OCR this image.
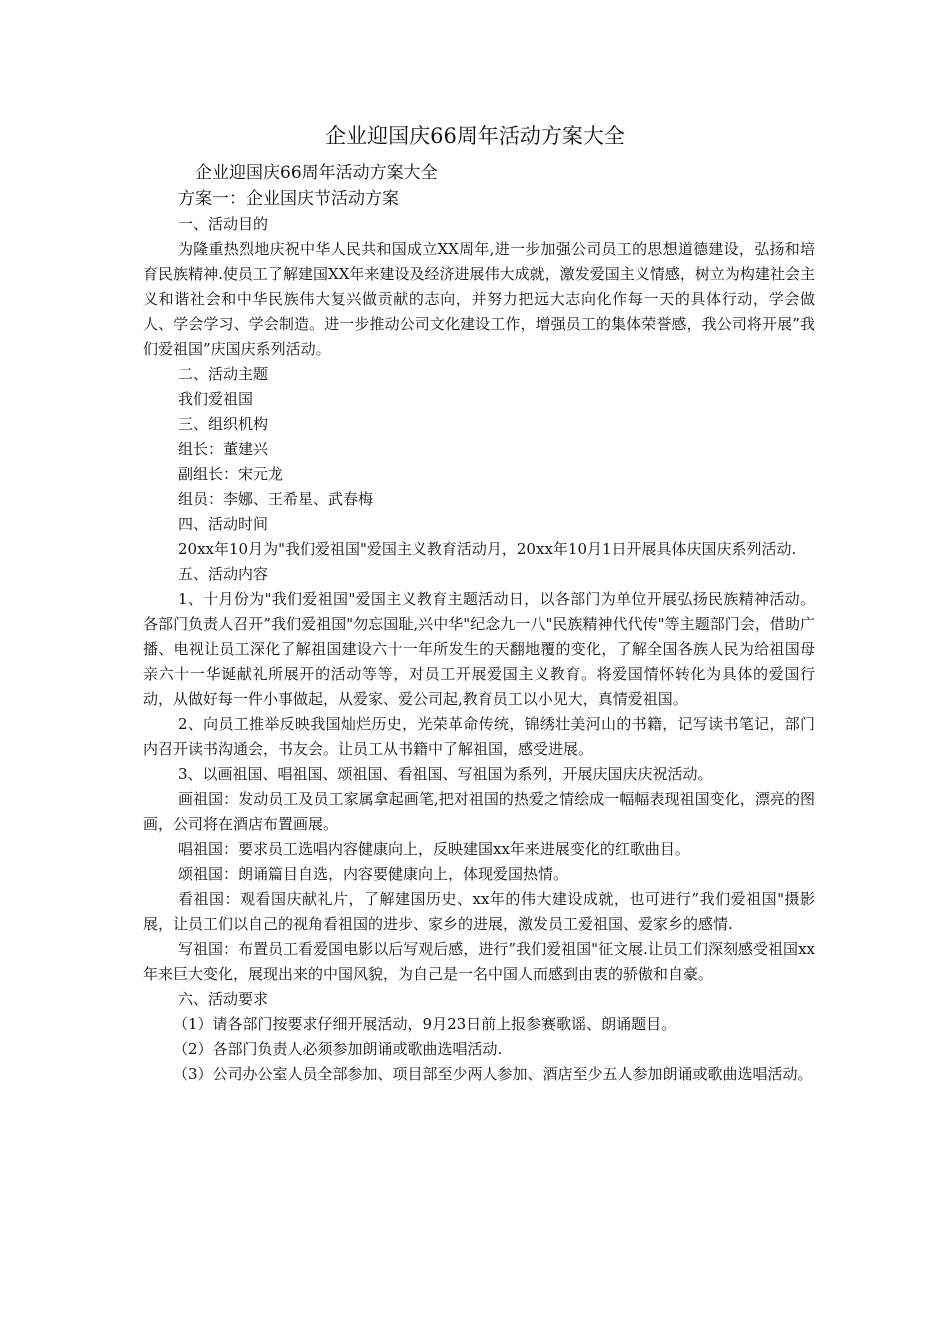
企业迎国庆66周年活动方案大全

企业迎国庆66周年活动方案大全

方案一：企业国庆节活动方案

一、活动目的

为隆重热烈地庆祝中华人民共和国成立XX周年,进一步加强公司员工的思想道德建设，弘扬和培育民族精神.使员工了解建国XX年来建设及经济进展伟大成就，激发爱国主义情感，树立为构建社会主义和谐社会和中华民族伟大复兴做贡献的志向，并努力把远大志向化作每一天的具体行动，学会做人、学会学习、学会制造。进一步推动公司文化建设工作，增强员工的集体荣誉感，我公司将开展”我们爱祖国”庆国庆系列活动。

二、活动主题

我们爱祖国

三、组织机构

组长：董建兴

副组长：宋元龙

组员：李娜、王希星、武春梅

四、活动时间

20xx年10月为"我们爱祖国"爱国主义教育活动月，20xx年10月1日开展具体庆国庆系列活动.

五、活动内容

1、十月份为"我们爱祖国"爱国主义教育主题活动日，以各部门为单位开展弘扬民族精神活动。各部门负责人召开”我们爱祖国"勿忘国耻,兴中华"纪念九一八"民族精神代代传"等主题部门会，借助广播、电视让员工深化了解祖国建设六十一年所发生的天翻地覆的变化，了解全国各族人民为给祖国母亲六十一华诞献礼所展开的活动等等，对员工开展爱国主义教育。将爱国情怀转化为具体的爱国行动，从做好每一件小事做起，从爱家、爱公司起,教育员工以小见大，真情爱祖国。

2、向员工推举反映我国灿烂历史，光荣革命传统，锦绣壮美河山的书籍，记写读书笔记，部门内召开读书沟通会，书友会。让员工从书籍中了解祖国，感受进展。

3、以画祖国、唱祖国、颂祖国、看祖国、写祖国为系列，开展庆国庆庆祝活动。

画祖国：发动员工及员工家属拿起画笔,把对祖国的热爱之情绘成一幅幅表现祖国变化，漂亮的图画，公司将在酒店布置画展。

唱祖国：要求员工选唱内容健康向上，反映建国xx年来进展变化的红歌曲目。

颂祖国：朗诵篇目自选，内容要健康向上，体现爱国热情。

看祖国：观看国庆献礼片，了解建国历史、xx年的伟大建设成就，也可进行”我们爱祖国"摄影展，让员工们以自己的视角看祖国的进步、家乡的进展，激发员工爱祖国、爱家乡的感情.

写祖国：布置员工看爱国电影以后写观后感，进行”我们爱祖国"征文展.让员工们深刻感受祖国xx年来巨大变化，展现出来的中国风貌，为自己是一名中国人而感到由衷的骄傲和自豪。

六、活动要求

（1）请各部门按要求仔细开展活动，9月23日前上报参赛歌谣、朗诵题目。

（2）各部门负责人必须参加朗诵或歌曲选唱活动.

（3）公司办公室人员全部参加、项目部至少两人参加、酒店至少五人参加朗诵或歌曲选唱活动。
